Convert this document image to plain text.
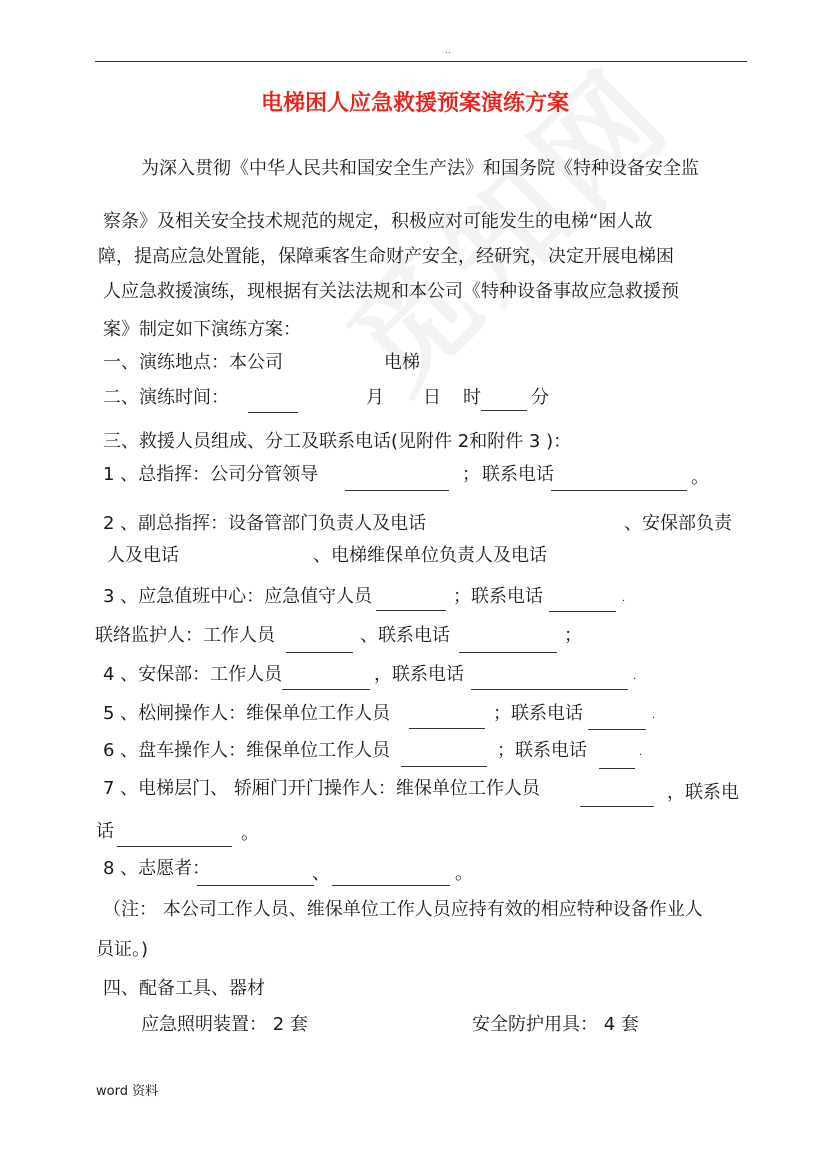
..
电梯困人应急救援预案演练方案
为深入贯彻《中华人民共和国安全生产法》和国务院《特种设备安全监
察条》及相关安全技术规范的规定，积极应对可能发生的电梯“困人故
障，提高应急处置能，保障乘客生命财产安全，经研究，决定开展电梯困
人应急救援演练，现根据有关法法规和本公司《特种设备事故应急救援预
案》制定如下演练方案：
一、演练地点：本公司	电梯
二、演练时间：	月 日 时	分
三、救援人员组成、分工及联系电话(见附件 2和附件 3 )：
1 、总指挥：公司分管领导	； 联系电话	。
2 、副总指挥：设备管部门负责人及电话	、安保部负责
人及电话	、电梯维保单位负责人及电话
3 、应急值班中心：应急值守人员	；联系电话	·
联络监护人：工作人员	、联系电话	；
4 、安保部：工作人员	，联系电话	·
5 、松闸操作人：维保单位工作人员	；联系电话	·
6 、盘车操作人：维保单位工作人员	；联系电话	·
7 、电梯层门、 轿厢门开门操作人：维保单位工作人员	，联系电
话	。
8 、志愿者：	、	。
（注： 本公司工作人员、维保单位工作人员应持有效的相应特种设备作业人
员证。)
四、配备工具、器材
应急照明装置： 2 套	安全防护用具： 4 套
word 资料
